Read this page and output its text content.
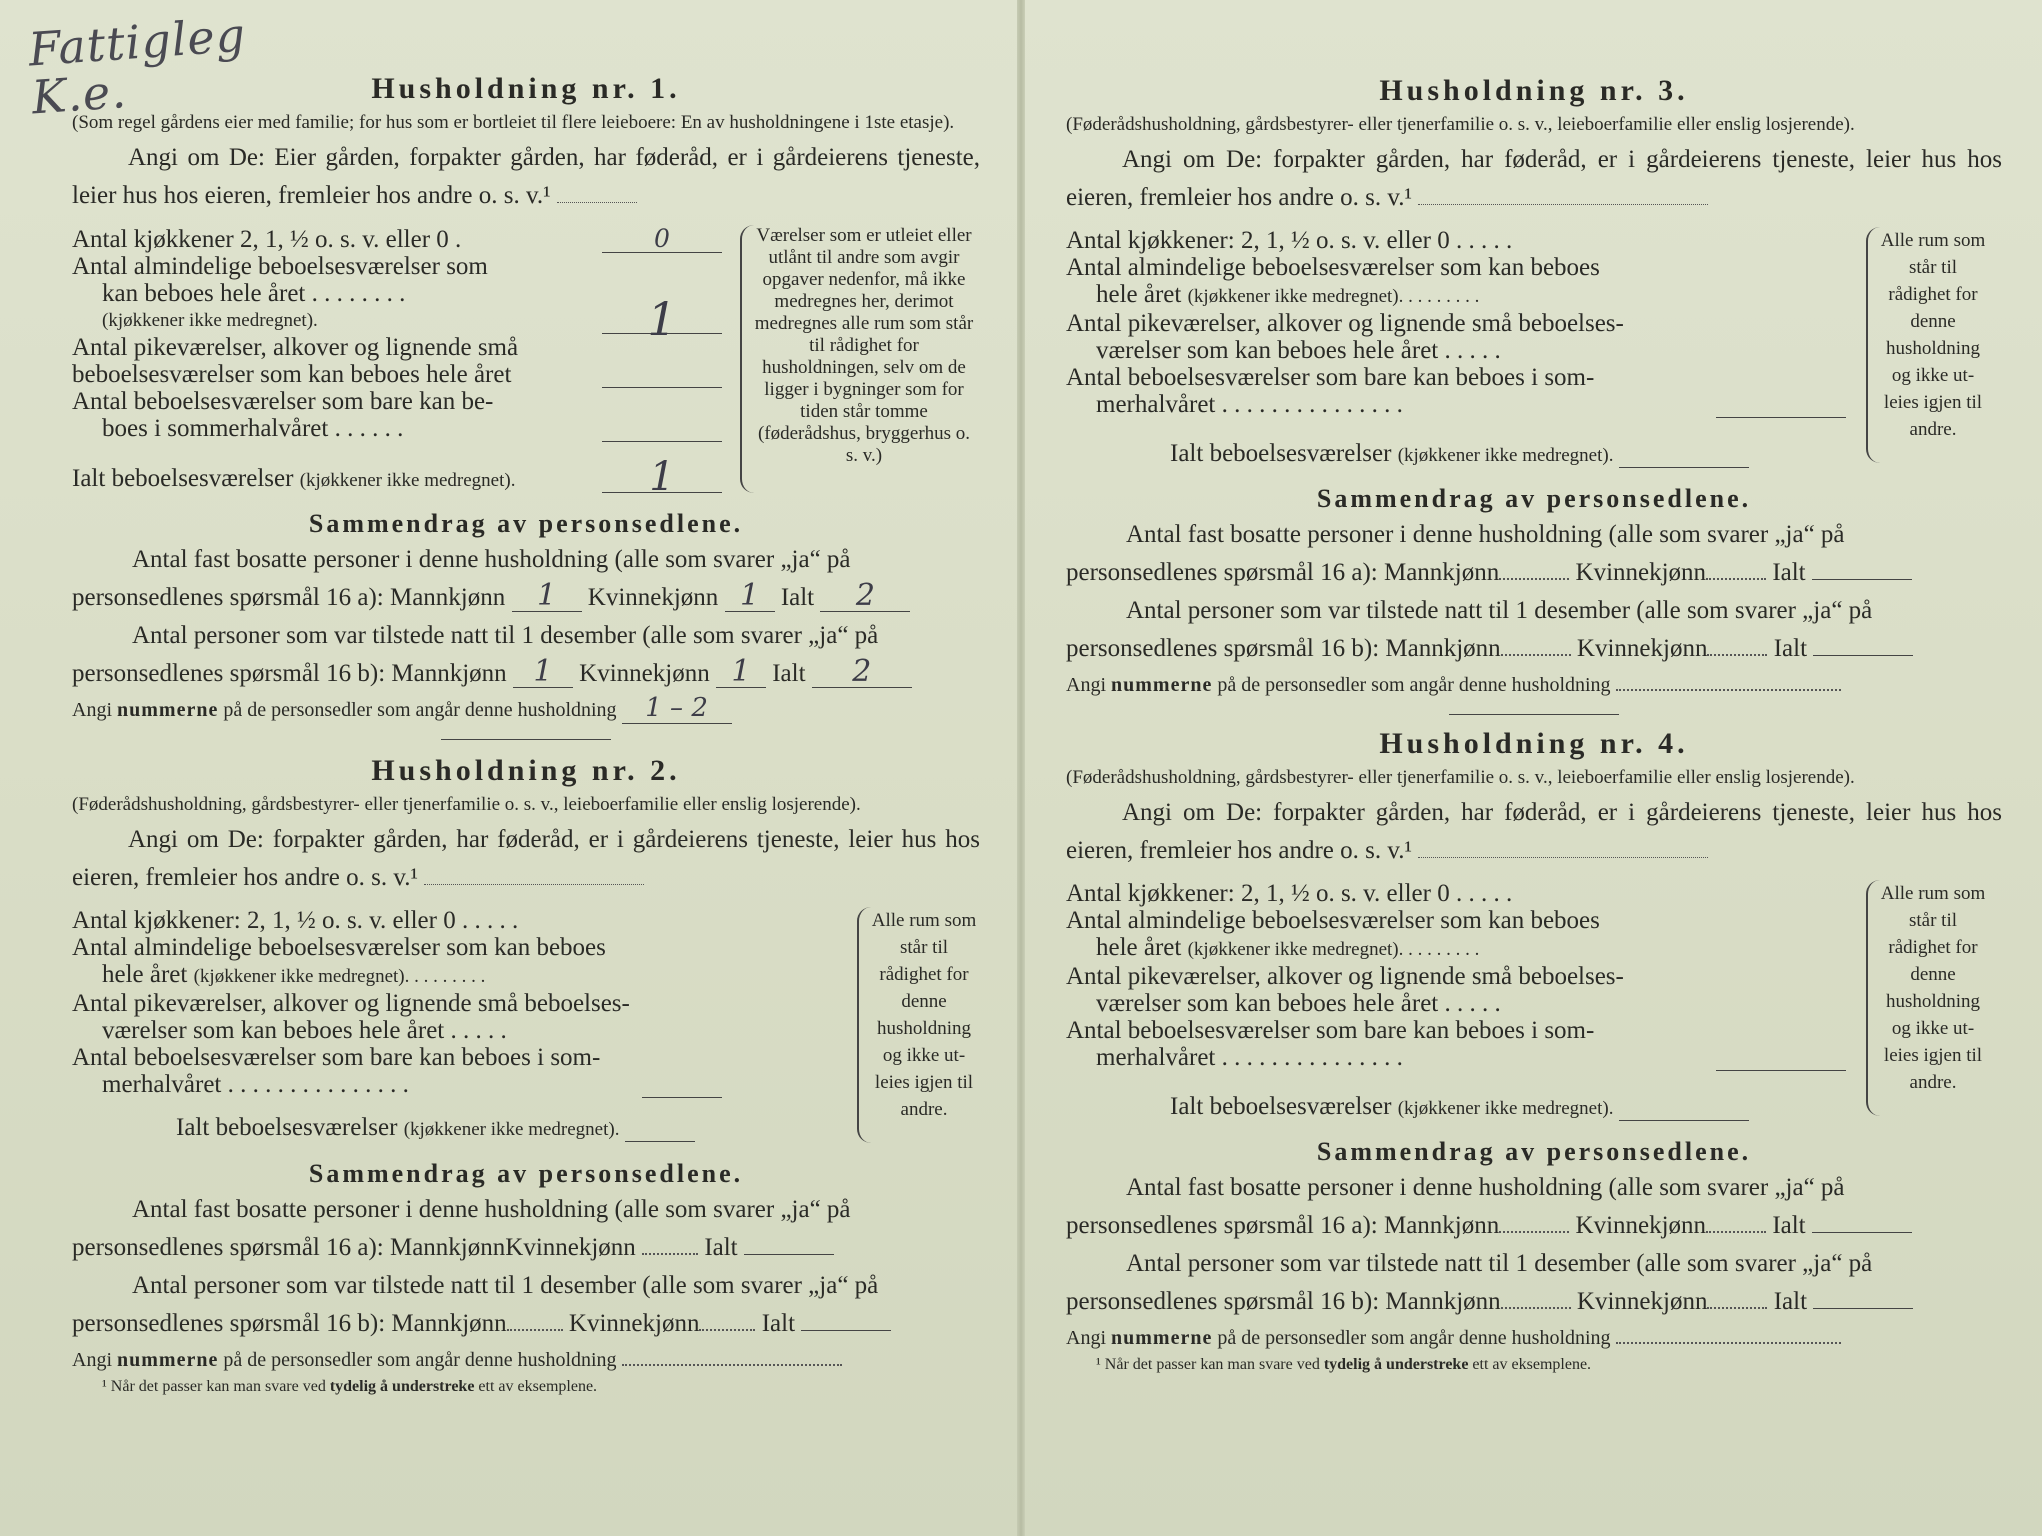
Fattigleg
K.e.	Husholdning nr. 1.
(Som regel gårdens eier med familie; for hus som er bortleiet til flere leieboere: En av husholdningene i 1ste etasje).
Angi om De: Eier gården, forpakter gården, har føderåd, er i gårdeierens tjeneste, leier hus hos eieren, fremleier hos andre o. s. v.¹
Antal kjøkkener 2, 1, ½ o. s. v. eller 0 .	0
Antal almindelige beboelsesværelser som
kan beboes hele året . . . . . . . .
(kjøkkener ikke medregnet).	1
Antal pikeværelser, alkover og lignende små
beboelsesværelser som kan beboes hele året
Antal beboelsesværelser som bare kan be-
boes i sommerhalvåret . . . . . .
Ialt beboelsesværelser (kjøkkener ikke medregnet).	1
Værelser som er utleiet eller utlånt til andre som avgir opgaver nedenfor, må ikke medregnes her, derimot medregnes alle rum som står til rådighet for husholdningen, selv om de ligger i bygninger som for tiden står tomme (føderådshus, bryggerhus o. s. v.)
Sammendrag av personsedlene.
Antal fast bosatte personer i denne husholdning (alle som svarer „ja“ på
personsedlenes spørsmål 16 a): Mannkjønn 1 Kvinnekjønn 1 Ialt 2
Antal personer som var tilstede natt til 1 desember (alle som svarer „ja“ på
personsedlenes spørsmål 16 b): Mannkjønn 1 Kvinnekjønn 1 Ialt 2
Angi nummerne på de personsedler som angår denne husholdning 1 – 2
Husholdning nr. 2.
(Føderådshusholdning, gårdsbestyrer- eller tjenerfamilie o. s. v., leieboerfamilie eller enslig losjerende).
Angi om De: forpakter gården, har føderåd, er i gårdeierens tjeneste, leier hus hos eieren, fremleier hos andre o. s. v.¹
Antal kjøkkener: 2, 1, ½ o. s. v. eller 0 . . . . .
Antal almindelige beboelsesværelser som kan beboes
hele året (kjøkkener ikke medregnet). . . . . . . . .
Antal pikeværelser, alkover og lignende små beboelses-
værelser som kan beboes hele året . . . . .
Antal beboelsesværelser som bare kan beboes i som-
merhalvåret . . . . . . . . . . . . . . .
Ialt beboelsesværelser (kjøkkener ikke medregnet).
Alle rum som står til rådighet for denne husholdning og ikke utleies igjen til andre.
Sammendrag av personsedlene.
Antal fast bosatte personer i denne husholdning (alle som svarer „ja“ på
personsedlenes spørsmål 16 a): MannkjønnKvinnekjønn	Ialt
Antal personer som var tilstede natt til 1 desember (alle som svarer „ja“ på
personsedlenes spørsmål 16 b): Mannkjønn Kvinnekjønn Ialt
Angi nummerne på de personsedler som angår denne husholdning
¹ Når det passer kan man svare ved tydelig å understreke ett av eksemplene.
Husholdning nr. 3.
(Føderådshusholdning, gårdsbestyrer- eller tjenerfamilie o. s. v., leieboerfamilie eller enslig losjerende).
Angi om De: forpakter gården, har føderåd, er i gårdeierens tjeneste, leier hus hos eieren, fremleier hos andre o. s. v.¹
Antal kjøkkener: 2, 1, ½ o. s. v. eller 0 . . . . .
Antal almindelige beboelsesværelser som kan beboes
hele året (kjøkkener ikke medregnet). . . . . . . . .
Antal pikeværelser, alkover og lignende små beboelses-
værelser som kan beboes hele året . . . . .
Antal beboelsesværelser som bare kan beboes i som-
merhalvåret . . . . . . . . . . . . . . .
Ialt beboelsesværelser (kjøkkener ikke medregnet).
Alle rum som står til rådighet for denne husholdning og ikke utleies igjen til andre.
Sammendrag av personsedlene.
Antal fast bosatte personer i denne husholdning (alle som svarer „ja“ på
personsedlenes spørsmål 16 a): Mannkjønn	Kvinnekjønn	Ialt
Antal personer som var tilstede natt til 1 desember (alle som svarer „ja“ på
personsedlenes spørsmål 16 b): Mannkjønn	Kvinnekjønn	Ialt
Angi nummerne på de personsedler som angår denne husholdning
Husholdning nr. 4.
(Føderådshusholdning, gårdsbestyrer- eller tjenerfamilie o. s. v., leieboerfamilie eller enslig losjerende).
Angi om De: forpakter gården, har føderåd, er i gårdeierens tjeneste, leier hus hos eieren, fremleier hos andre o. s. v.¹
Antal kjøkkener: 2, 1, ½ o. s. v. eller 0 . . . . .
Antal almindelige beboelsesværelser som kan beboes
hele året (kjøkkener ikke medregnet). . . . . . . . .
Antal pikeværelser, alkover og lignende små beboelses-
værelser som kan beboes hele året . . . . .
Antal beboelsesværelser som bare kan beboes i som-
merhalvåret . . . . . . . . . . . . . . .
Ialt beboelsesværelser (kjøkkener ikke medregnet).
Alle rum som står til rådighet for denne husholdning og ikke utleies igjen til andre.
Sammendrag av personsedlene.
Antal fast bosatte personer i denne husholdning (alle som svarer „ja“ på
personsedlenes spørsmål 16 a): Mannkjønn	Kvinnekjønn	Ialt
Antal personer som var tilstede natt til 1 desember (alle som svarer „ja“ på
personsedlenes spørsmål 16 b): Mannkjønn	Kvinnekjønn	Ialt
Angi nummerne på de personsedler som angår denne husholdning
¹ Når det passer kan man svare ved tydelig å understreke ett av eksemplene.
